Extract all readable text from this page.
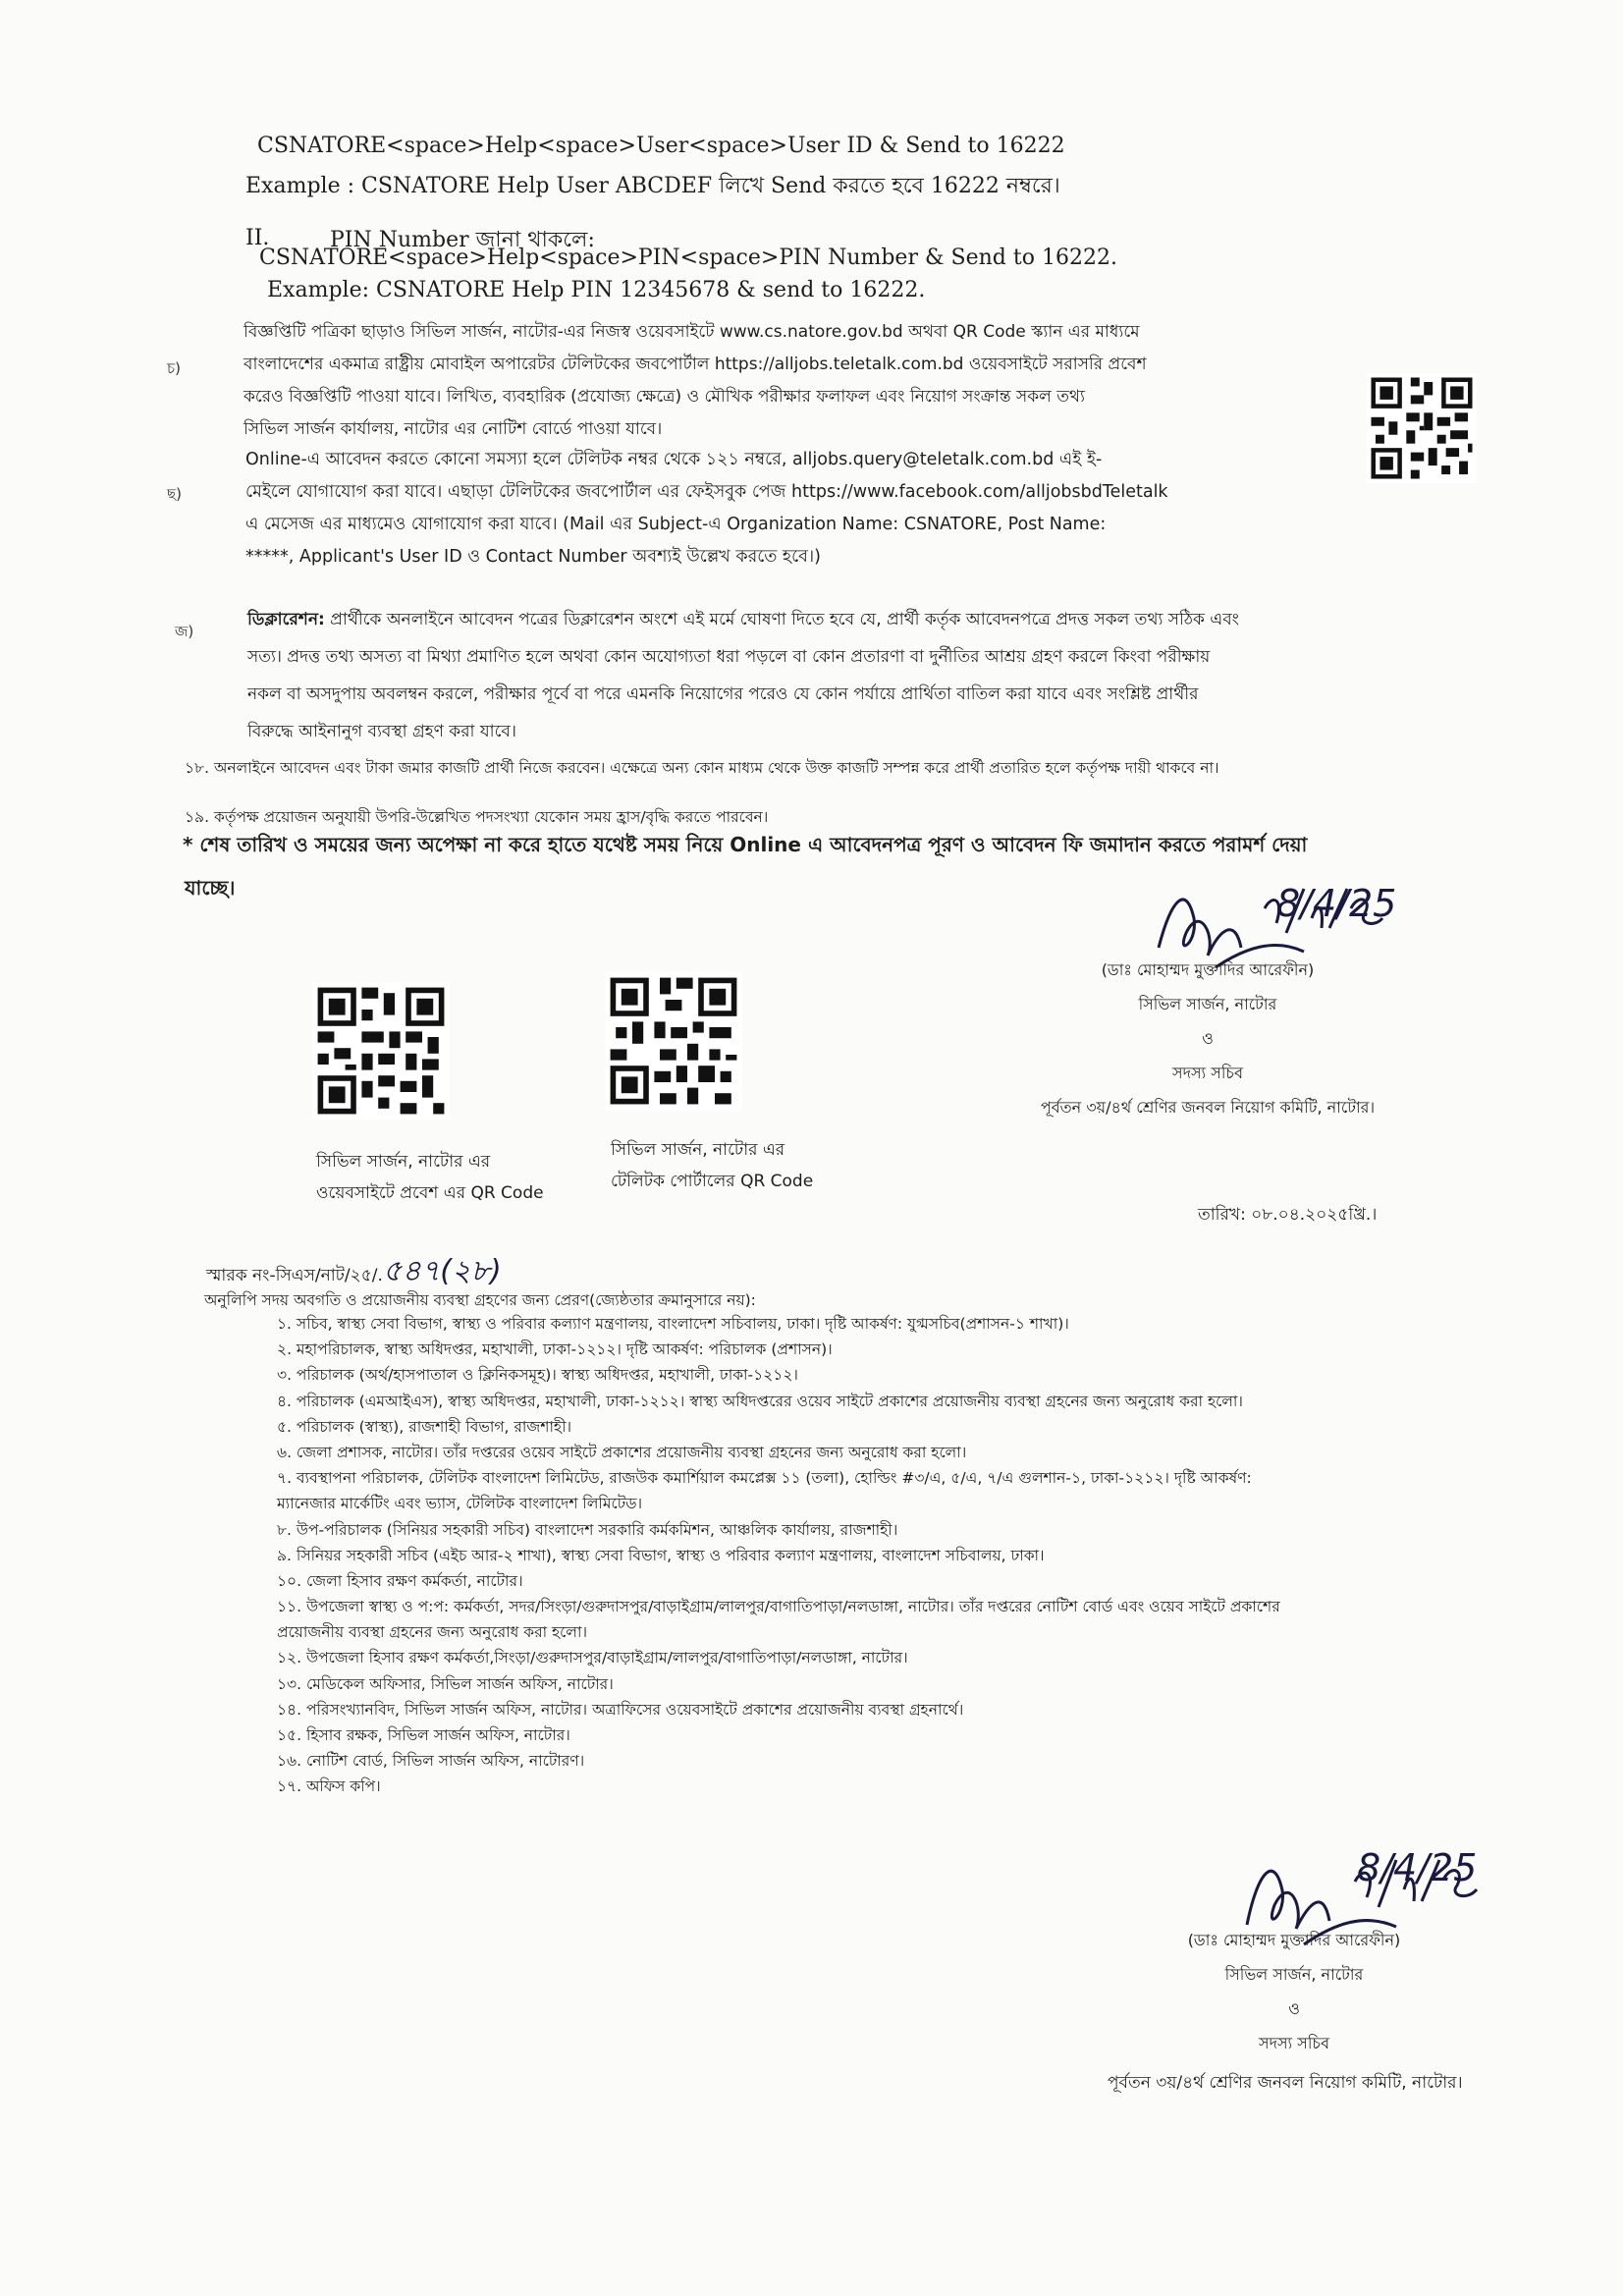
CSNATORE<space>Help<space>User<space>User ID & Send to 16222
Example : CSNATORE Help User ABCDEF লিখে Send করতে হবে 16222 নম্বরে।
II.	PIN Number জানা থাকলে:
CSNATORE<space>Help<space>PIN<space>PIN Number & Send to 16222.
Example: CSNATORE Help PIN 12345678 & send to 16222.
চ)
বিজ্ঞপ্তিটি পত্রিকা ছাড়াও সিভিল সার্জন, নাটোর-এর নিজস্ব ওয়েবসাইটে www.cs.natore.gov.bd অথবা QR Code স্ক্যান এর মাধ্যমে
বাংলাদেশের একমাত্র রাষ্ট্রীয় মোবাইল অপারেটর টেলিটকের জবপোর্টাল https://alljobs.teletalk.com.bd ওয়েবসাইটে সরাসরি প্রবেশ
করেও বিজ্ঞপ্তিটি পাওয়া যাবে। লিখিত, ব্যবহারিক (প্রযোজ্য ক্ষেত্রে) ও মৌখিক পরীক্ষার ফলাফল এবং নিয়োগ সংক্রান্ত সকল তথ্য
সিভিল সার্জন কার্যালয়, নাটোর এর নোটিশ বোর্ডে পাওয়া যাবে।
ছ)
Online-এ আবেদন করতে কোনো সমস্যা হলে টেলিটক নম্বর থেকে ১২১ নম্বরে, alljobs.query@teletalk.com.bd এই ই-
মেইলে যোগাযোগ করা যাবে। এছাড়া টেলিটকের জবপোর্টাল এর ফেইসবুক পেজ https://www.facebook.com/alljobsbdTeletalk
এ মেসেজ এর মাধ্যমেও যোগাযোগ করা যাবে। (Mail এর Subject-এ Organization Name: CSNATORE, Post Name:
*****, Applicant's User ID ও Contact Number অবশ্যই উল্লেখ করতে হবে।)
জ)
ডিক্লারেশন: প্রার্থীকে অনলাইনে আবেদন পত্রের ডিক্লারেশন অংশে এই মর্মে ঘোষণা দিতে হবে যে, প্রার্থী কর্তৃক আবেদনপত্রে প্রদত্ত সকল তথ্য সঠিক এবং
সত্য। প্রদত্ত তথ্য অসত্য বা মিথ্যা প্রমাণিত হলে অথবা কোন অযোগ্যতা ধরা পড়লে বা কোন প্রতারণা বা দুর্নীতির আশ্রয় গ্রহণ করলে কিংবা পরীক্ষায়
নকল বা অসদুপায় অবলম্বন করলে, পরীক্ষার পূর্বে বা পরে এমনকি নিয়োগের পরেও যে কোন পর্যায়ে প্রার্থিতা বাতিল করা যাবে এবং সংশ্লিষ্ট প্রার্থীর
বিরুদ্ধে আইনানুগ ব্যবস্থা গ্রহণ করা যাবে।
১৮. অনলাইনে আবেদন এবং টাকা জমার কাজটি প্রার্থী নিজে করবেন। এক্ষেত্রে অন্য কোন মাধ্যম থেকে উক্ত কাজটি সম্পন্ন করে প্রার্থী প্রতারিত হলে কর্তৃপক্ষ দায়ী থাকবে না।
১৯. কর্তৃপক্ষ প্রয়োজন অনুযায়ী উপরি-উল্লেখিত পদসংখ্যা যেকোন সময় হ্রাস/বৃদ্ধি করতে পারবেন।
* শেষ তারিখ ও সময়ের জন্য অপেক্ষা না করে হাতে যথেষ্ট সময় নিয়ে Online এ আবেদনপত্র পূরণ ও আবেদন ফি জমাদান করতে পরামর্শ দেয়া
যাচ্ছে।
সিভিল সার্জন, নাটোর এর
ওয়েবসাইটে প্রবেশ এর QR Code
সিভিল সার্জন, নাটোর এর
টেলিটক পোর্টালের QR Code
(ডাঃ মোহাম্মদ মুক্তাদির আরেফীন)
সিভিল সার্জন, নাটোর
ও
সদস্য সচিব
পূর্বতন ৩য়/৪র্থ শ্রেণির জনবল নিয়োগ কমিটি, নাটোর।
8/4/25
তারিখ: ০৮.০৪.২০২৫খ্রি.।
স্মারক নং-সিএস/নাট/২৫/.৫৪৭(২৮)
অনুলিপি সদয় অবগতি ও প্রয়োজনীয় ব্যবস্থা গ্রহণের জন্য প্রেরণ(জ্যেষ্ঠতার ক্রমানুসারে নয়):
১. সচিব, স্বাস্থ্য সেবা বিভাগ, স্বাস্থ্য ও পরিবার কল্যাণ মন্ত্রণালয়, বাংলাদেশ সচিবালয়, ঢাকা। দৃষ্টি আকর্ষণ: যুগ্মসচিব(প্রশাসন-১ শাখা)।
২. মহাপরিচালক, স্বাস্থ্য অধিদপ্তর, মহাখালী, ঢাকা-১২১২। দৃষ্টি আকর্ষণ: পরিচালক (প্রশাসন)।
৩. পরিচালক (অর্থ/হাসপাতাল ও ক্লিনিকসমূহ)। স্বাস্থ্য অধিদপ্তর, মহাখালী, ঢাকা-১২১২।
৪. পরিচালক (এমআইএস), স্বাস্থ্য অধিদপ্তর, মহাখালী, ঢাকা-১২১২। স্বাস্থ্য অধিদপ্তরের ওয়েব সাইটে প্রকাশের প্রয়োজনীয় ব্যবস্থা গ্রহনের জন্য অনুরোধ করা হলো।
৫. পরিচালক (স্বাস্থ্য), রাজশাহী বিভাগ, রাজশাহী।
৬. জেলা প্রশাসক, নাটোর। তাঁর দপ্তরের ওয়েব সাইটে প্রকাশের প্রয়োজনীয় ব্যবস্থা গ্রহনের জন্য অনুরোধ করা হলো।
৭. ব্যবস্থাপনা পরিচালক, টেলিটক বাংলাদেশ লিমিটেড, রাজউক কমার্শিয়াল কমপ্লেক্স ১১ (তলা), হোল্ডিং #৩/এ, ৫/এ, ৭/এ গুলশান-১, ঢাকা-১২১২। দৃষ্টি আকর্ষণ:
ম্যানেজার মার্কেটিং এবং ভ্যাস, টেলিটক বাংলাদেশ লিমিটেড।
৮. উপ-পরিচালক (সিনিয়র সহকারী সচিব) বাংলাদেশ সরকারি কর্মকমিশন, আঞ্চলিক কার্যালয়, রাজশাহী।
৯. সিনিয়র সহকারী সচিব (এইচ আর-২ শাখা), স্বাস্থ্য সেবা বিভাগ, স্বাস্থ্য ও পরিবার কল্যাণ মন্ত্রণালয়, বাংলাদেশ সচিবালয়, ঢাকা।
১০. জেলা হিসাব রক্ষণ কর্মকর্তা, নাটোর।
১১. উপজেলা স্বাস্থ্য ও প:প: কর্মকর্তা, সদর/সিংড়া/গুরুদাসপুর/বাড়াইগ্রাম/লালপুর/বাগাতিপাড়া/নলডাঙ্গা, নাটোর। তাঁর দপ্তরের নোটিশ বোর্ড এবং ওয়েব সাইটে প্রকাশের
প্রয়োজনীয় ব্যবস্থা গ্রহনের জন্য অনুরোধ করা হলো।
১২. উপজেলা হিসাব রক্ষণ কর্মকর্তা,সিংড়া/গুরুদাসপুর/বাড়াইগ্রাম/লালপুর/বাগাতিপাড়া/নলডাঙ্গা, নাটোর।
১৩. মেডিকেল অফিসার, সিভিল সার্জন অফিস, নাটোর।
১৪. পরিসংখ্যানবিদ, সিভিল সার্জন অফিস, নাটোর। অত্রাফিসের ওয়েবসাইটে প্রকাশের প্রয়োজনীয় ব্যবস্থা গ্রহনার্থে।
১৫. হিসাব রক্ষক, সিভিল সার্জন অফিস, নাটোর।
১৬. নোটিশ বোর্ড, সিভিল সার্জন অফিস, নাটোরণ।
১৭. অফিস কপি।
8/4/25
(ডাঃ মোহাম্মদ মুক্তাদির আরেফীন)
সিভিল সার্জন, নাটোর
ও
সদস্য সচিব
পূর্বতন ৩য়/৪র্থ শ্রেণির জনবল নিয়োগ কমিটি, নাটোর।
